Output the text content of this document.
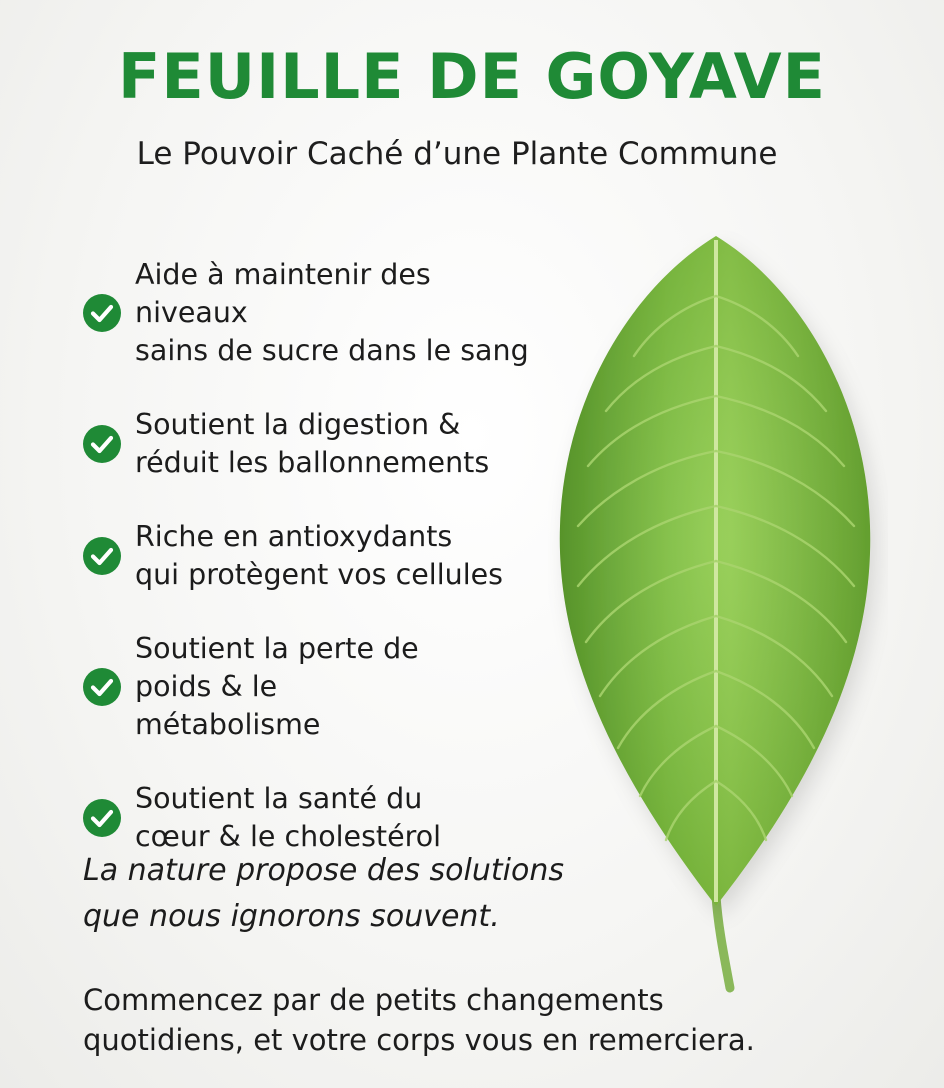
FEUILLE DE GOYAVE
Le Pouvoir Caché d’une Plante Commune
Aide à maintenir des niveaux
sains de sucre dans le sang
Soutient la digestion &
réduit les ballonnements
Riche en antioxydants
qui protègent vos cellules
Soutient la perte de
poids & le
métabolisme
Soutient la santé du
cœur & le cholestérol
La nature propose des solutions
que nous ignorons souvent.
Commencez par de petits changements
quotidiens, et votre corps vous en remerciera.
